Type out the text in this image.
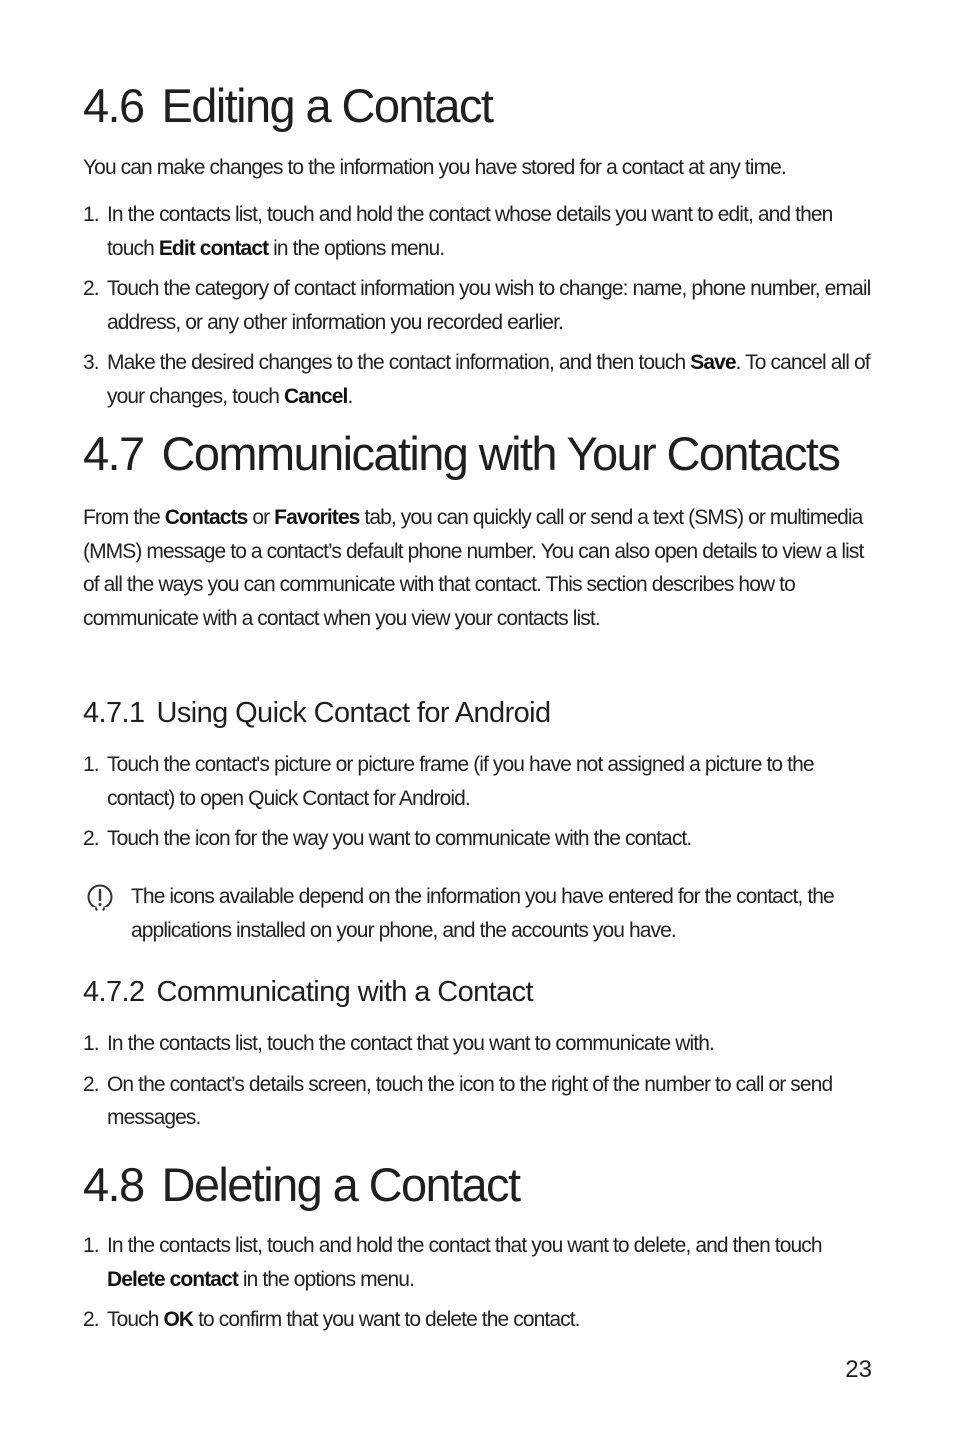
4.6 Editing a Contact

You can make changes to the information you have stored for a contact at any time.

1. In the contacts list, touch and hold the contact whose details you want to edit, and then touch Edit contact in the options menu.
2. Touch the category of contact information you wish to change: name, phone number, email address, or any other information you recorded earlier.
3. Make the desired changes to the contact information, and then touch Save. To cancel all of your changes, touch Cancel.
4.7 Communicating with Your Contacts

From the Contacts or Favorites tab, you can quickly call or send a text (SMS) or multimedia (MMS) message to a contact’s default phone number. You can also open details to view a list of all the ways you can communicate with that contact. This section describes how to communicate with a contact when you view your contacts list.

4.7.1 Using Quick Contact for Android
1. Touch the contact's picture or picture frame (if you have not assigned a picture to the contact) to open Quick Contact for Android.
2. Touch the icon for the way you want to communicate with the contact.
The icons available depend on the information you have entered for the contact, the applications installed on your phone, and the accounts you have.
4.7.2 Communicating with a Contact
1. In the contacts list, touch the contact that you want to communicate with.
2. On the contact’s details screen, touch the icon to the right of the number to call or send messages.
4.8 Deleting a Contact
1. In the contacts list, touch and hold the contact that you want to delete, and then touch Delete contact in the options menu.
2. Touch OK to confirm that you want to delete the contact.
23
